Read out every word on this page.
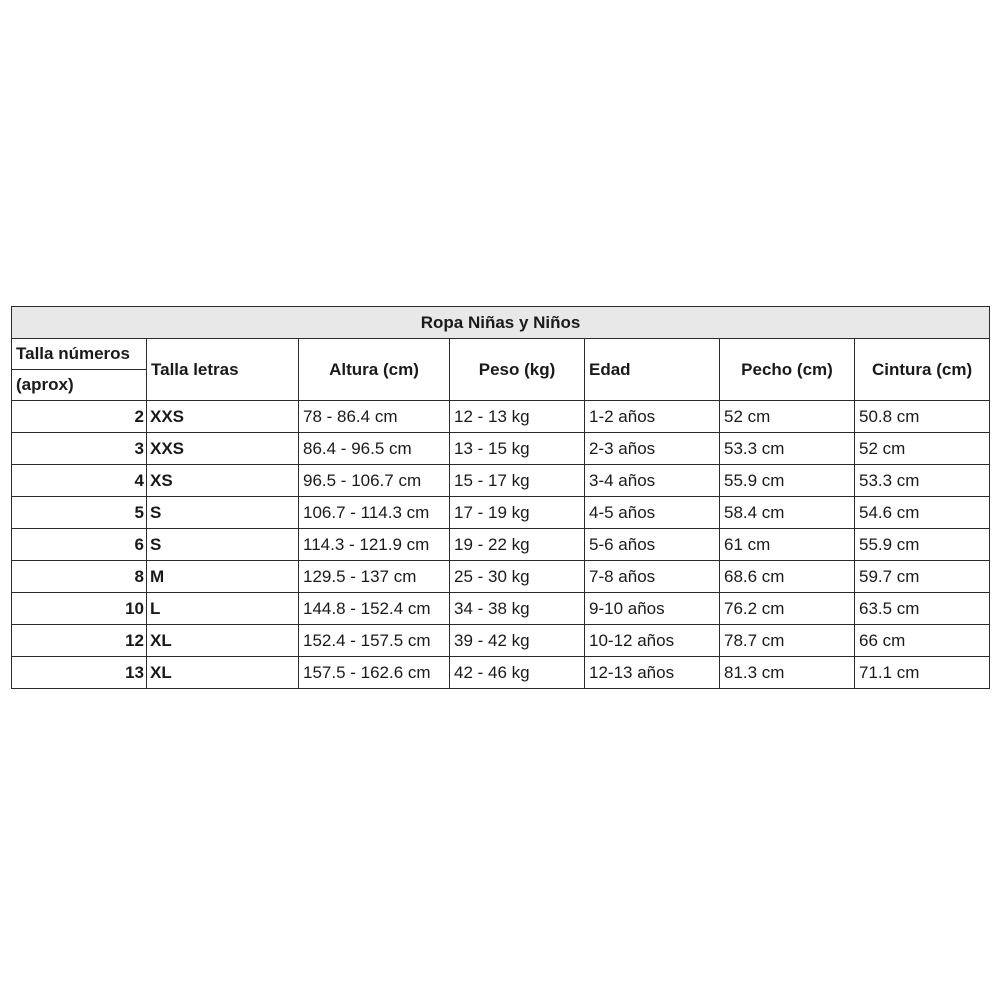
Ropa Niñas y Niños						
Talla números	Talla letras	Altura (cm)	Peso (kg)	Edad	Pecho (cm)	Cintura (cm)
(aprox)						
2	XXS	78 - 86.4 cm	12 - 13 kg	1-2 años	52 cm	50.8 cm
3	XXS	86.4 - 96.5 cm	13 - 15 kg	2-3 años	53.3 cm	52 cm
4	XS	96.5 - 106.7 cm	15 - 17 kg	3-4 años	55.9 cm	53.3 cm
5	S	106.7 - 114.3 cm	17 - 19 kg	4-5 años	58.4 cm	54.6 cm
6	S	114.3 - 121.9 cm	19 - 22 kg	5-6 años	61 cm	55.9 cm
8	M	129.5 - 137 cm	25 - 30 kg	7-8 años	68.6 cm	59.7 cm
10	L	144.8 - 152.4 cm	34 - 38 kg	9-10 años	76.2 cm	63.5 cm
12	XL	152.4 - 157.5 cm	39 - 42 kg	10-12 años	78.7 cm	66 cm
13	XL	157.5 - 162.6 cm	42 - 46 kg	12-13 años	81.3 cm	71.1 cm
